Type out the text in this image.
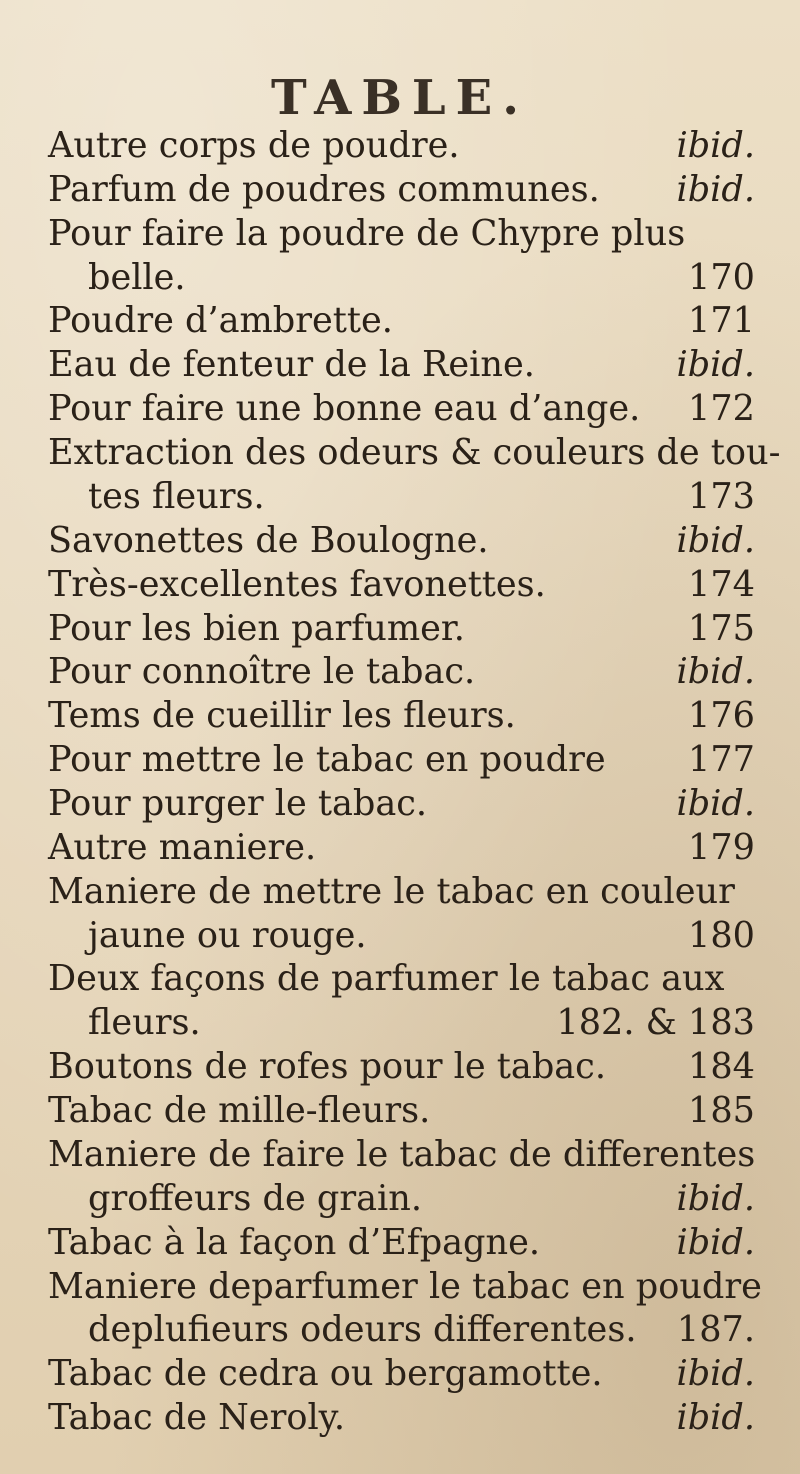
TABLE.
Autre corps de poudre.	ibid.
Parfum de poudres communes. ibid.
Pour faire la poudre de Chypre plus
belle.	170
Poudre d’ambrette.	171
Eau de fenteur de la Reine.	ibid.
Pour faire une bonne eau d’ange. 172
Extraction des odeurs & couleurs de tou-
tes fleurs.	173
Savonettes de Boulogne.	ibid.
Très-excellentes favonettes.	174
Pour les bien parfumer.	175
Pour connoître le tabac.	ibid.
Tems de cueillir les fleurs.	176
Pour mettre le tabac en poudre 177
Pour purger le tabac.	ibid.
Autre maniere.	179
Maniere de mettre le tabac en couleur
jaune ou rouge.	180
Deux façons de parfumer le tabac aux
fleurs.	182. & 183
Boutons de rofes pour le tabac. 184
Tabac de mille-fleurs.	185
Maniere de faire le tabac de differentes
groffeurs de grain.	ibid.
Tabac à la façon d’Efpagne.	ibid.
Maniere deparfumer le tabac en poudre
deplufieurs odeurs differentes. 187.
Tabac de cedra ou bergamotte. ibid.
Tabac de Neroly.	ibid.
